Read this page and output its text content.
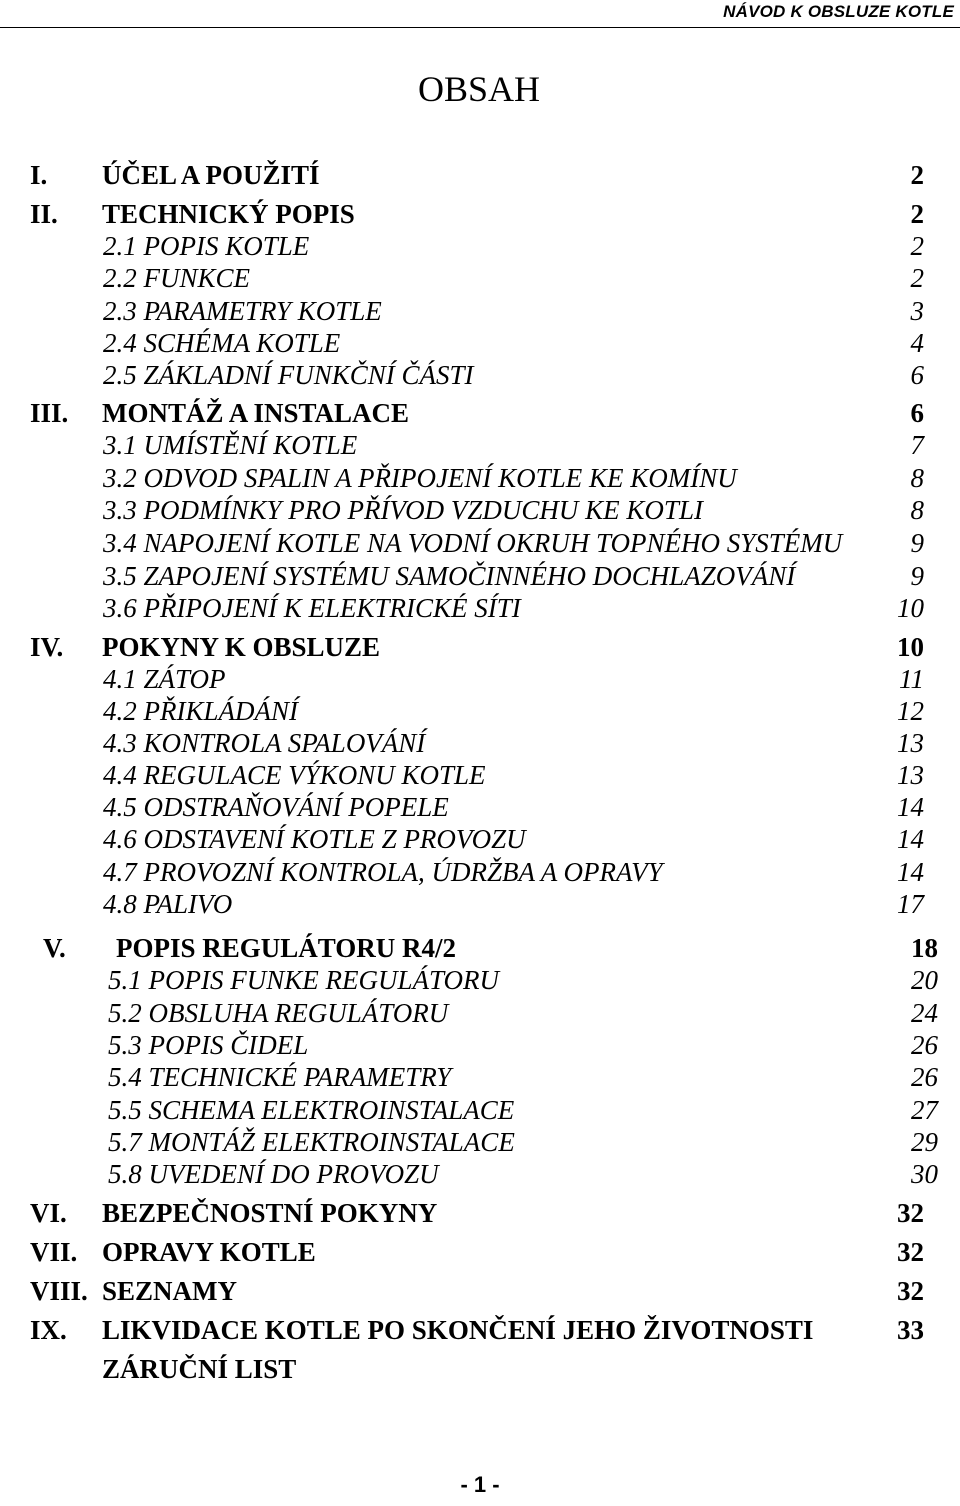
NÁVOD K OBSLUZE KOTLE
OBSAH
I. ÚČEL A POUŽITÍ	2
II. TECHNICKÝ POPIS	2
2.1 POPIS KOTLE	2
2.2 FUNKCE	2
2.3 PARAMETRY KOTLE	3
2.4 SCHÉMA KOTLE	4
2.5 ZÁKLADNÍ FUNKČNÍ ČÁSTI	6
III. MONTÁŽ A INSTALACE	6
3.1 UMÍSTĚNÍ KOTLE	7
3.2 ODVOD SPALIN A PŘIPOJENÍ KOTLE KE KOMÍNU	8
3.3 PODMÍNKY PRO PŘÍVOD VZDUCHU KE KOTLI	8
3.4 NAPOJENÍ KOTLE NA VODNÍ OKRUH TOPNÉHO SYSTÉMU	9
3.5 ZAPOJENÍ SYSTÉMU SAMOČINNÉHO DOCHLAZOVÁNÍ	9
3.6 PŘIPOJENÍ K ELEKTRICKÉ SÍTI	10
IV. POKYNY K OBSLUZE	10
4.1 ZÁTOP	11
4.2 PŘIKLÁDÁNÍ	12
4.3 KONTROLA SPALOVÁNÍ	13
4.4 REGULACE VÝKONU KOTLE	13
4.5 ODSTRAŇOVÁNÍ POPELE	14
4.6 ODSTAVENÍ KOTLE Z PROVOZU	14
4.7 PROVOZNÍ KONTROLA, ÚDRŽBA A OPRAVY	14
4.8 PALIVO	17
V. POPIS REGULÁTORU R4/2	18
5.1 POPIS FUNKE REGULÁTORU	20
5.2 OBSLUHA REGULÁTORU	24
5.3 POPIS ČIDEL	26
5.4 TECHNICKÉ PARAMETRY	26
5.5 SCHEMA ELEKTROINSTALACE	27
5.7 MONTÁŽ ELEKTROINSTALACE	29
5.8 UVEDENÍ DO PROVOZU	30
VI. BEZPEČNOSTNÍ POKYNY	32
VII. OPRAVY KOTLE	32
VIII. SEZNAMY	32
IX. LIKVIDACE KOTLE PO SKONČENÍ JEHO ŽIVOTNOSTI	33
ZÁRUČNÍ LIST
- 1 -
